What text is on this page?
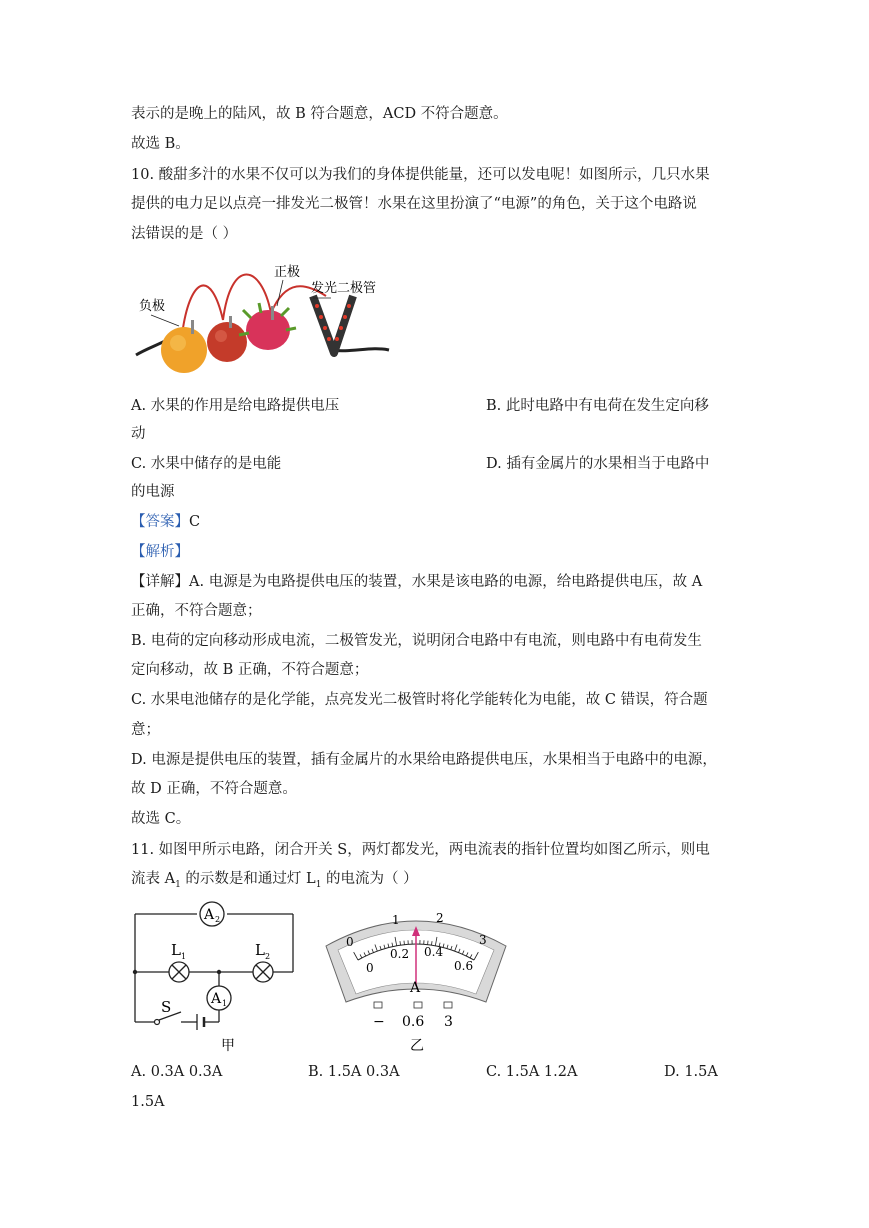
表示的是晚上的陆风，故 B 符合题意，ACD 不符合题意。
故选 B。
10. 酸甜多汁的水果不仅可以为我们的身体提供能量，还可以发电呢！如图所示，几只水果
提供的电力足以点亮一排发光二极管！水果在这里扮演了“电源”的角色，关于这个电路说
法错误的是（ ）
负极
正极
发光二极管
A. 水果的作用是给电路提供电压	B. 此时电路中有电荷在发生定向移
动
C. 水果中储存的是电能	D. 插有金属片的水果相当于电路中
的电源
【答案】C
【解析】
【详解】A. 电源是为电路提供电压的装置，水果是该电路的电源，给电路提供电压，故 A
正确，不符合题意；
B. 电荷的定向移动形成电流，二极管发光，说明闭合电路中有电流，则电路中有电荷发生
定向移动，故 B 正确，不符合题意；
C. 水果电池储存的是化学能，点亮发光二极管时将化学能转化为电能，故 C 错误，符合题
意；
D. 电源是提供电压的装置，插有金属片的水果给电路提供电压，水果相当于电路中的电源，
故 D 正确，不符合题意。
故选 C。
11. 如图甲所示电路，闭合开关 S，两灯都发光，两电流表的指针位置均如图乙所示，则电
流表 $A_1$ 的示数是和通过灯 $L_1$ 的电流为（ ）
A 2
A 1
L 1	L 2
S
甲
0
1	2
3
0
0.2 0.4
0.6
A
− 0.6 3
乙
A. 0.3A 0.3A	B. 1.5A 0.3A	C. 1.5A 1.2A	D. 1.5A
1.5A
